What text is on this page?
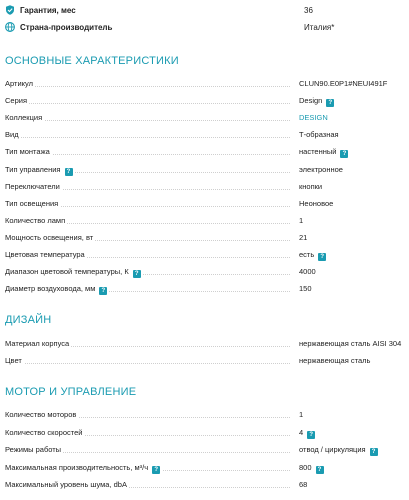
Гарантия, мес	36
Страна-производитель	Италия*
ОСНОВНЫЕ ХАРАКТЕРИСТИКИ
Артикул	CLUN90.E0P1#NEUI491F
Серия	Design ?
Коллекция	DESIGN
Вид	Т-образная
Тип монтажа	настенный ?
Тип управления ?	электронное
Переключатели	кнопки
Тип освещения	Неоновое
Количество ламп	1
Мощность освещения, вт	21
Цветовая температура	есть ?
Диапазон цветовой температуры, К ?	4000
Диаметр воздуховода, мм ?	150
ДИЗАЙН
Материал корпуса	нержавеющая сталь AISI 304
Цвет	нержавеющая сталь
МОТОР И УПРАВЛЕНИЕ
Количество моторов	1
Количество скоростей	4 ?
Режимы работы	отвод / циркуляция ?
Максимальная производительность, м³/ч ?	800 ?
Максимальный уровень шума, dbA	68
